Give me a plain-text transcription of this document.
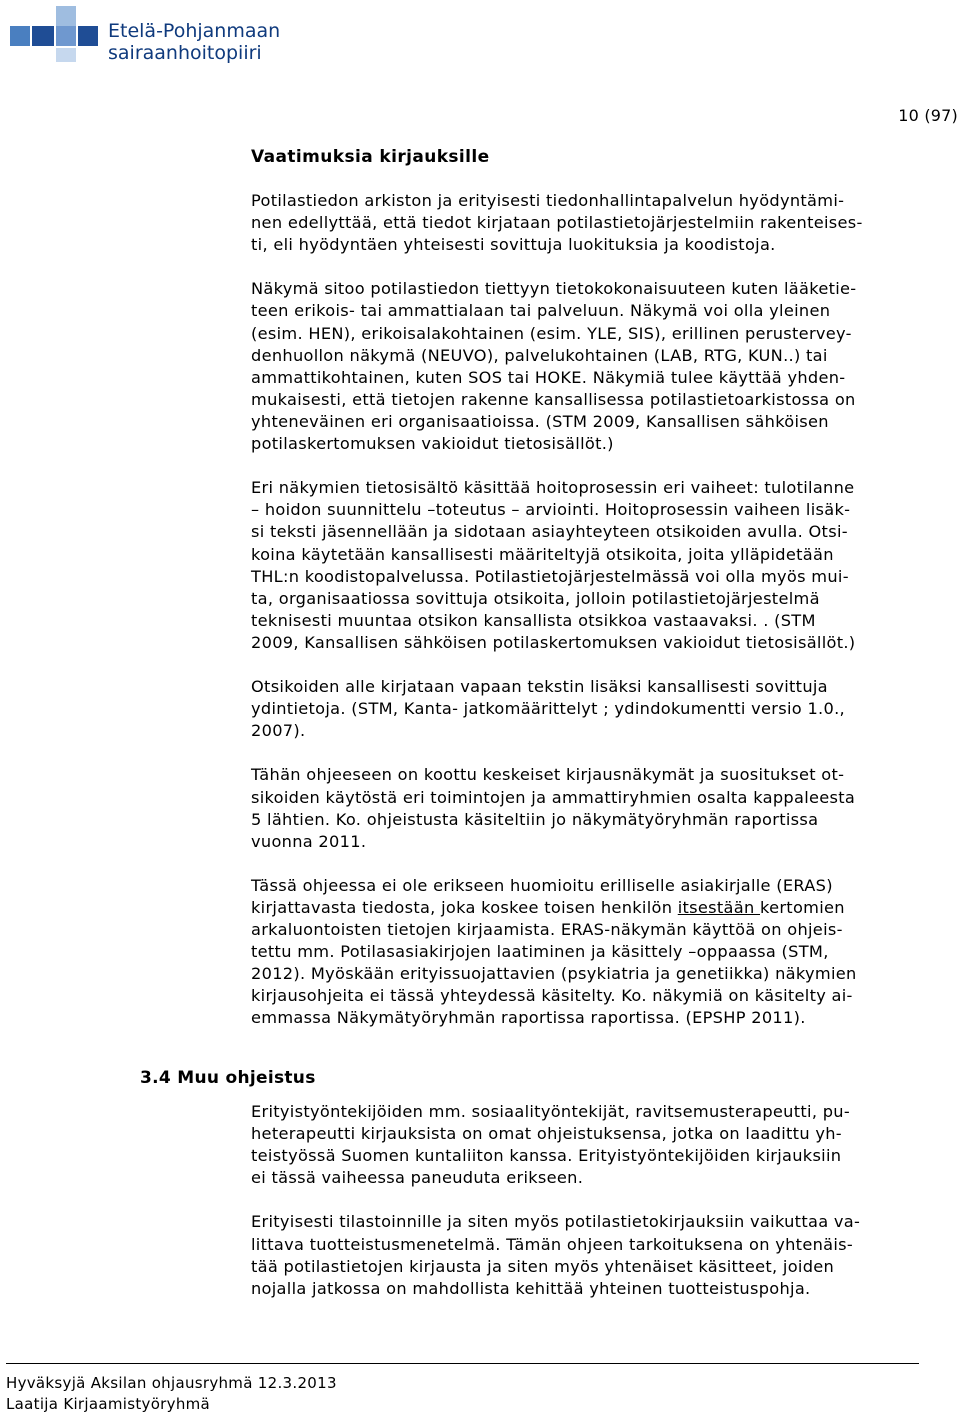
Etelä-Pohjanmaan
sairaanhoitopiiri
10 (97)
Vaatimuksia kirjauksille

Potilastiedon arkiston ja erityisesti tiedonhallintapalvelun hyödyntämi-
nen edellyttää, että tiedot kirjataan potilastietojärjestelmiin rakenteises-
ti, eli hyödyntäen yhteisesti sovittuja luokituksia ja koodistoja.

Näkymä sitoo potilastiedon tiettyyn tietokokonaisuuteen kuten lääketie-
teen erikois- tai ammattialaan tai palveluun. Näkymä voi olla yleinen
(esim. HEN), erikoisalakohtainen (esim. YLE, SIS), erillinen perustervey-
denhuollon näkymä (NEUVO), palvelukohtainen (LAB, RTG, KUN..) tai
ammattikohtainen, kuten SOS tai HOKE. Näkymiä tulee käyttää yhden-
mukaisesti, että tietojen rakenne kansallisessa potilastietoarkistossa on
yhteneväinen eri organisaatioissa. (STM 2009, Kansallisen sähköisen
potilaskertomuksen vakioidut tietosisällöt.)

Eri näkymien tietosisältö käsittää hoitoprosessin eri vaiheet: tulotilanne
– hoidon suunnittelu –toteutus – arviointi. Hoitoprosessin vaiheen lisäk-
si teksti jäsennellään ja sidotaan asiayhteyteen otsikoiden avulla. Otsi-
koina käytetään kansallisesti määriteltyjä otsikoita, joita ylläpidetään
THL:n koodistopalvelussa. Potilastietojärjestelmässä voi olla myös mui-
ta, organisaatiossa sovittuja otsikoita, jolloin potilastietojärjestelmä
teknisesti muuntaa otsikon kansallista otsikkoa vastaavaksi. . (STM
2009, Kansallisen sähköisen potilaskertomuksen vakioidut tietosisällöt.)

Otsikoiden alle kirjataan vapaan tekstin lisäksi kansallisesti sovittuja
ydintietoja. (STM, Kanta- jatkomäärittelyt ; ydindokumentti versio 1.0.,
2007).

Tähän ohjeeseen on koottu keskeiset kirjausnäkymät ja suositukset ot-
sikoiden käytöstä eri toimintojen ja ammattiryhmien osalta kappaleesta
5 lähtien. Ko. ohjeistusta käsiteltiin jo näkymätyöryhmän raportissa
vuonna 2011.

Tässä ohjeessa ei ole erikseen huomioitu erilliselle asiakirjalle (ERAS)
kirjattavasta tiedosta, joka koskee toisen henkilön itsestään kertomien
arkaluontoisten tietojen kirjaamista. ERAS-näkymän käyttöä on ohjeis-
tettu mm. Potilasasiakirjojen laatiminen ja käsittely –oppaassa (STM,
2012). Myöskään erityissuojattavien (psykiatria ja genetiikka) näkymien
kirjausohjeita ei tässä yhteydessä käsitelty. Ko. näkymiä on käsitelty ai-
emmassa Näkymätyöryhmän raportissa raportissa. (EPSHP 2011).

3.4 Muu ohjeistus

Erityistyöntekijöiden mm. sosiaalityöntekijät, ravitsemusterapeutti, pu-
heterapeutti kirjauksista on omat ohjeistuksensa, jotka on laadittu yh-
teistyössä Suomen kuntaliiton kanssa. Erityistyöntekijöiden kirjauksiin
ei tässä vaiheessa paneuduta erikseen.

Erityisesti tilastoinnille ja siten myös potilastietokirjauksiin vaikuttaa va-
littava tuotteistusmenetelmä. Tämän ohjeen tarkoituksena on yhtenäis-
tää potilastietojen kirjausta ja siten myös yhtenäiset käsitteet, joiden
nojalla jatkossa on mahdollista kehittää yhteinen tuotteistuspohja.

Hyväksyjä Aksilan ohjausryhmä 12.3.2013
Laatija Kirjaamistyöryhmä
